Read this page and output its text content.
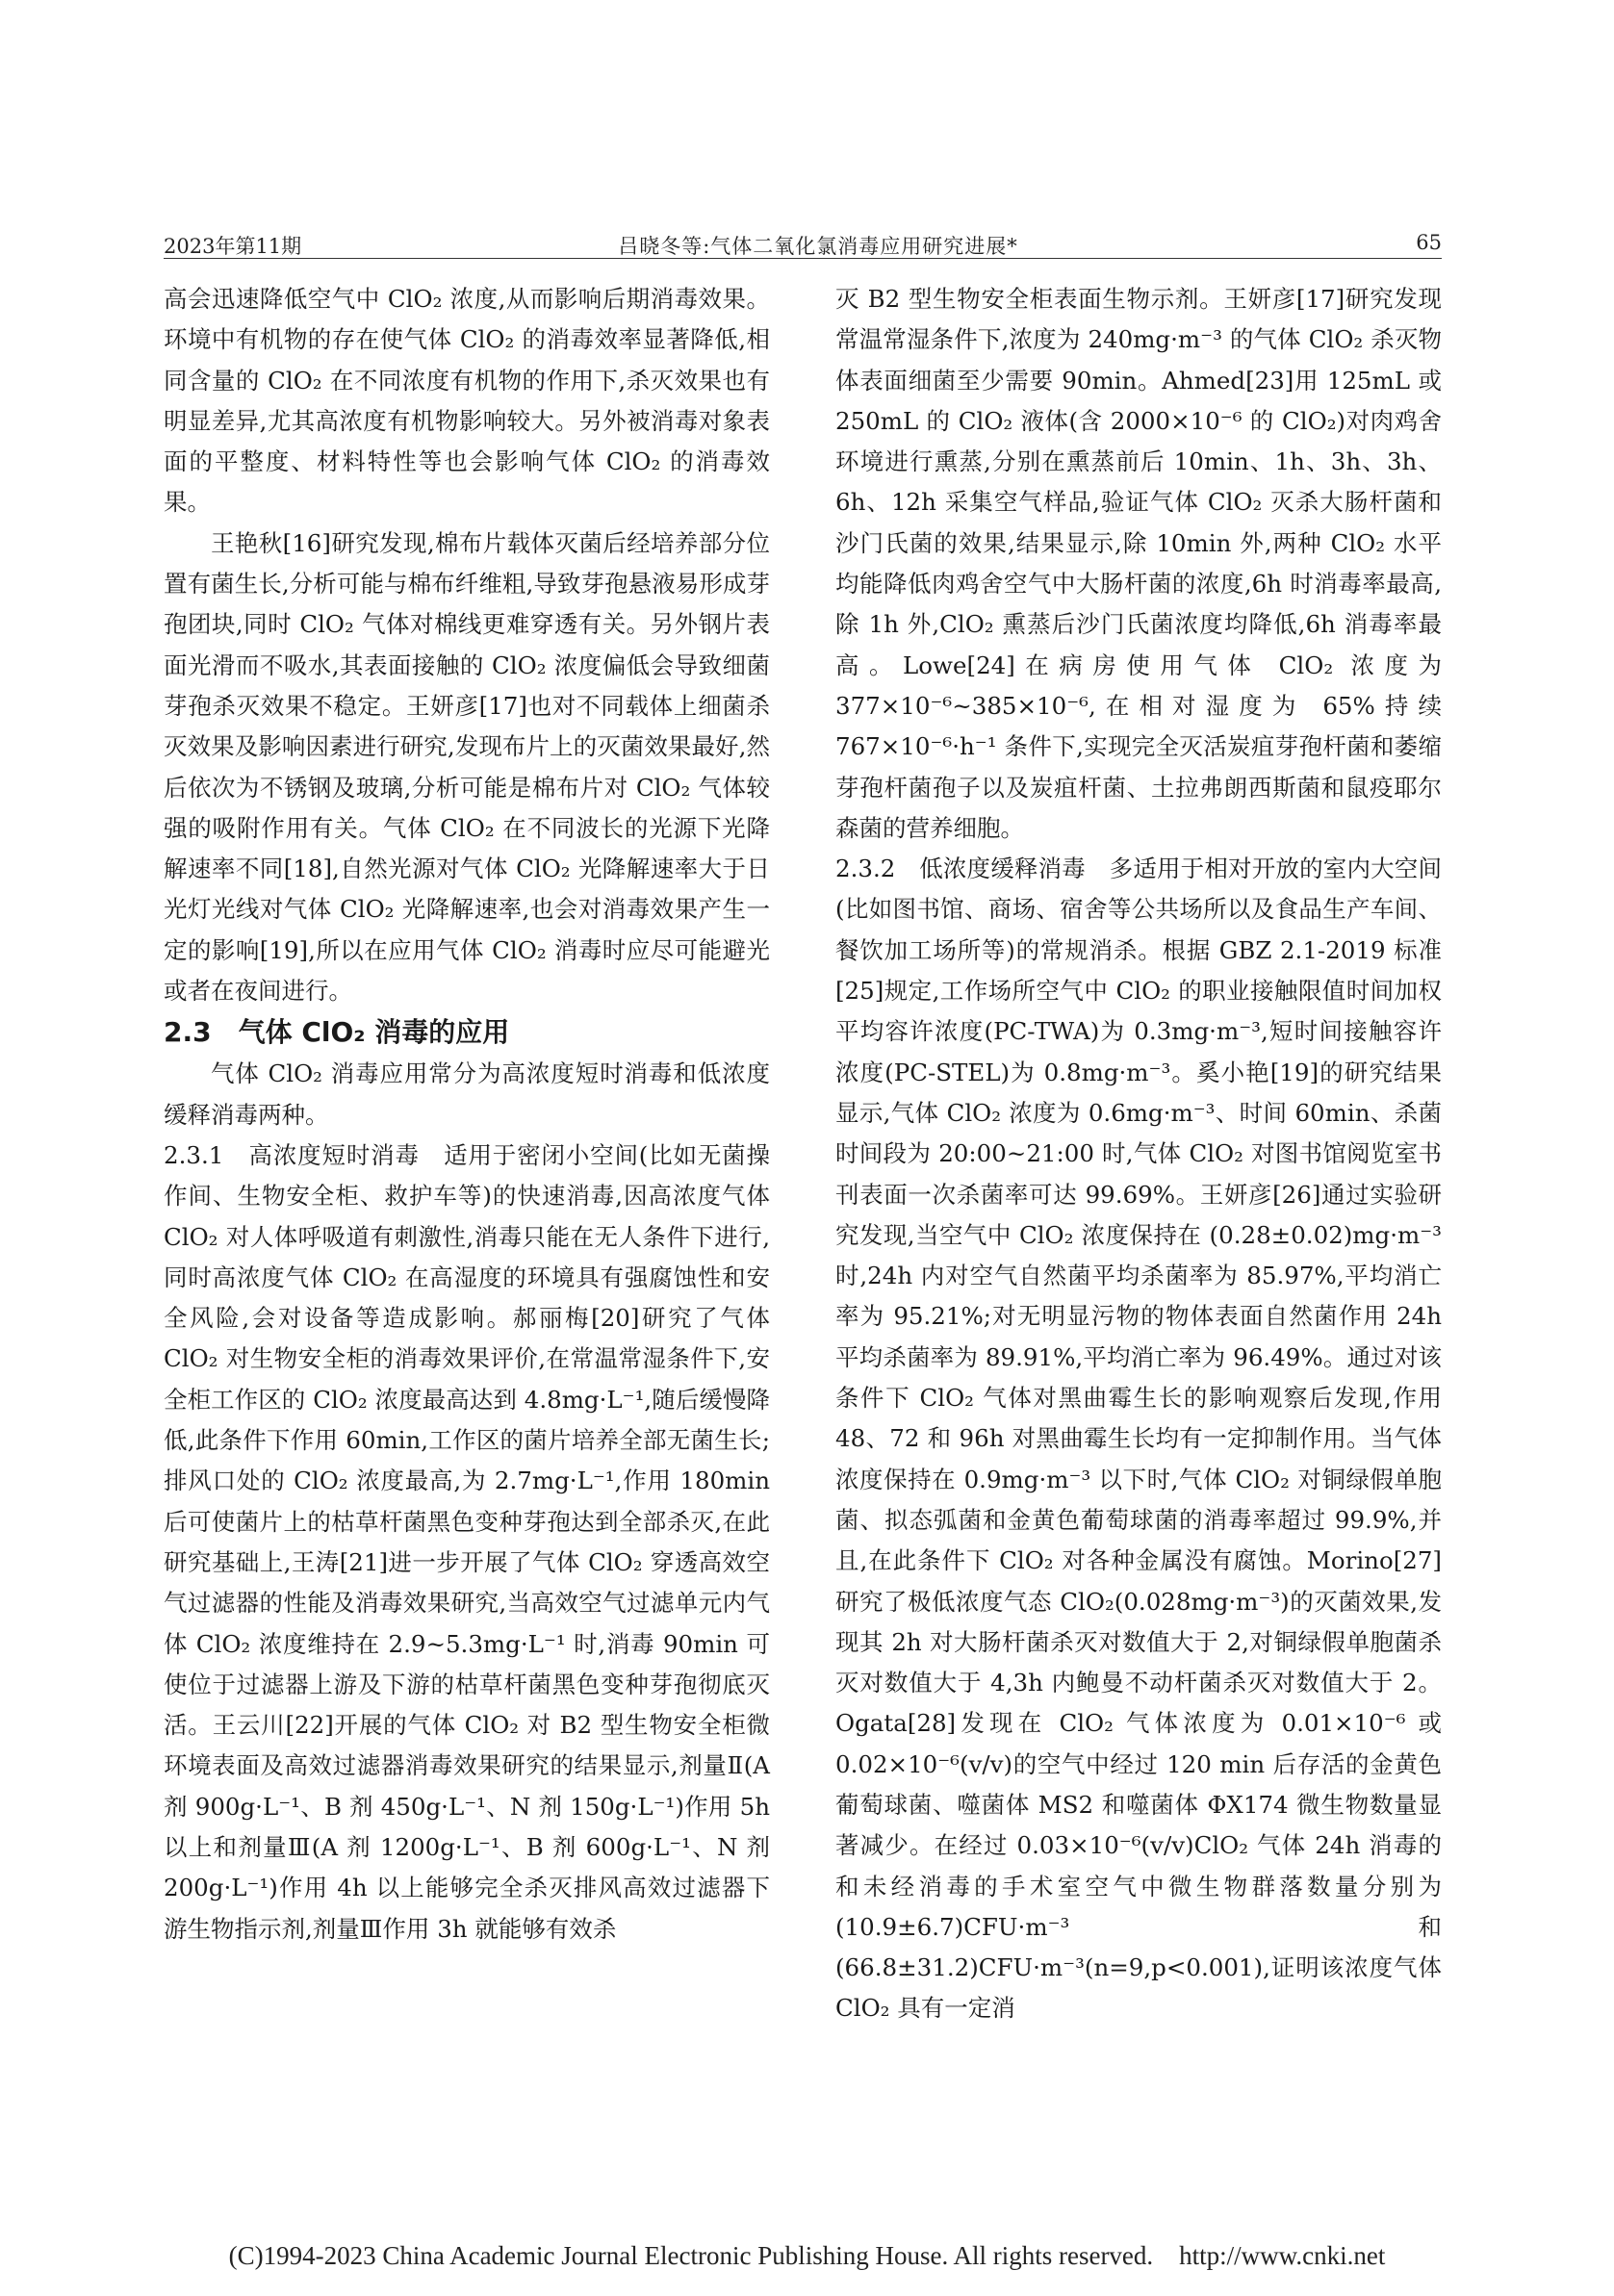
2023年第11期	吕晓冬等:气体二氧化氯消毒应用研究进展*	65

高会迅速降低空气中 ClO₂ 浓度,从而影响后期消毒效果。环境中有机物的存在使气体 ClO₂ 的消毒效率显著降低,相同含量的 ClO₂ 在不同浓度有机物的作用下,杀灭效果也有明显差异,尤其高浓度有机物影响较大。另外被消毒对象表面的平整度、材料特性等也会影响气体 ClO₂ 的消毒效果。

王艳秋[16]研究发现,棉布片载体灭菌后经培养部分位置有菌生长,分析可能与棉布纤维粗,导致芽孢悬液易形成芽孢团块,同时 ClO₂ 气体对棉线更难穿透有关。另外钢片表面光滑而不吸水,其表面接触的 ClO₂ 浓度偏低会导致细菌芽孢杀灭效果不稳定。王妍彦[17]也对不同载体上细菌杀灭效果及影响因素进行研究,发现布片上的灭菌效果最好,然后依次为不锈钢及玻璃,分析可能是棉布片对 ClO₂ 气体较强的吸附作用有关。气体 ClO₂ 在不同波长的光源下光降解速率不同[18],自然光源对气体 ClO₂ 光降解速率大于日光灯光线对气体 ClO₂ 光降解速率,也会对消毒效果产生一定的影响[19],所以在应用气体 ClO₂ 消毒时应尽可能避光或者在夜间进行。

2.3　气体 ClO₂ 消毒的应用

气体 ClO₂ 消毒应用常分为高浓度短时消毒和低浓度缓释消毒两种。

2.3.1　高浓度短时消毒　适用于密闭小空间(比如无菌操作间、生物安全柜、救护车等)的快速消毒,因高浓度气体 ClO₂ 对人体呼吸道有刺激性,消毒只能在无人条件下进行,同时高浓度气体 ClO₂ 在高湿度的环境具有强腐蚀性和安全风险,会对设备等造成影响。郝丽梅[20]研究了气体 ClO₂ 对生物安全柜的消毒效果评价,在常温常湿条件下,安全柜工作区的 ClO₂ 浓度最高达到 4.8mg·L⁻¹,随后缓慢降低,此条件下作用 60min,工作区的菌片培养全部无菌生长;排风口处的 ClO₂ 浓度最高,为 2.7mg·L⁻¹,作用 180min 后可使菌片上的枯草杆菌黑色变种芽孢达到全部杀灭,在此研究基础上,王涛[21]进一步开展了气体 ClO₂ 穿透高效空气过滤器的性能及消毒效果研究,当高效空气过滤单元内气体 ClO₂ 浓度维持在 2.9~5.3mg·L⁻¹ 时,消毒 90min 可使位于过滤器上游及下游的枯草杆菌黑色变种芽孢彻底灭活。王云川[22]开展的气体 ClO₂ 对 B2 型生物安全柜微环境表面及高效过滤器消毒效果研究的结果显示,剂量Ⅱ(A 剂 900g·L⁻¹、B 剂 450g·L⁻¹、N 剂 150g·L⁻¹)作用 5h 以上和剂量Ⅲ(A 剂 1200g·L⁻¹、B 剂 600g·L⁻¹、N 剂 200g·L⁻¹)作用 4h 以上能够完全杀灭排风高效过滤器下游生物指示剂,剂量Ⅲ作用 3h 就能够有效杀

灭 B2 型生物安全柜表面生物示剂。王妍彦[17]研究发现常温常湿条件下,浓度为 240mg·m⁻³ 的气体 ClO₂ 杀灭物体表面细菌至少需要 90min。Ahmed[23]用 125mL 或 250mL 的 ClO₂ 液体(含 2000×10⁻⁶ 的 ClO₂)对肉鸡舍环境进行熏蒸,分别在熏蒸前后 10min、1h、3h、3h、6h、12h 采集空气样品,验证气体 ClO₂ 灭杀大肠杆菌和沙门氏菌的效果,结果显示,除 10min 外,两种 ClO₂ 水平均能降低肉鸡舍空气中大肠杆菌的浓度,6h 时消毒率最高,除 1h 外,ClO₂ 熏蒸后沙门氏菌浓度均降低,6h 消毒率最高。Lowe[24]在病房使用气体 ClO₂ 浓度为 377×10⁻⁶~385×10⁻⁶,在相对湿度为 65%持续 767×10⁻⁶·h⁻¹ 条件下,实现完全灭活炭疽芽孢杆菌和萎缩芽孢杆菌孢子以及炭疽杆菌、土拉弗朗西斯菌和鼠疫耶尔森菌的营养细胞。

2.3.2　低浓度缓释消毒　多适用于相对开放的室内大空间(比如图书馆、商场、宿舍等公共场所以及食品生产车间、餐饮加工场所等)的常规消杀。根据 GBZ 2.1-2019 标准[25]规定,工作场所空气中 ClO₂ 的职业接触限值时间加权平均容许浓度(PC-TWA)为 0.3mg·m⁻³,短时间接触容许浓度(PC-STEL)为 0.8mg·m⁻³。奚小艳[19]的研究结果显示,气体 ClO₂ 浓度为 0.6mg·m⁻³、时间 60min、杀菌时间段为 20:00~21:00 时,气体 ClO₂ 对图书馆阅览室书刊表面一次杀菌率可达 99.69%。王妍彦[26]通过实验研究发现,当空气中 ClO₂ 浓度保持在 (0.28±0.02)mg·m⁻³ 时,24h 内对空气自然菌平均杀菌率为 85.97%,平均消亡率为 95.21%;对无明显污物的物体表面自然菌作用 24h 平均杀菌率为 89.91%,平均消亡率为 96.49%。通过对该条件下 ClO₂ 气体对黑曲霉生长的影响观察后发现,作用 48、72 和 96h 对黑曲霉生长均有一定抑制作用。当气体浓度保持在 0.9mg·m⁻³ 以下时,气体 ClO₂ 对铜绿假单胞菌、拟态弧菌和金黄色葡萄球菌的消毒率超过 99.9%,并且,在此条件下 ClO₂ 对各种金属没有腐蚀。Morino[27]研究了极低浓度气态 ClO₂(0.028mg·m⁻³)的灭菌效果,发现其 2h 对大肠杆菌杀灭对数值大于 2,对铜绿假单胞菌杀灭对数值大于 4,3h 内鲍曼不动杆菌杀灭对数值大于 2。Ogata[28]发现在 ClO₂ 气体浓度为 0.01×10⁻⁶ 或 0.02×10⁻⁶(v/v)的空气中经过 120 min 后存活的金黄色葡萄球菌、噬菌体 MS2 和噬菌体 ΦX174 微生物数量显著减少。在经过 0.03×10⁻⁶(v/v)ClO₂ 气体 24h 消毒的和未经消毒的手术室空气中微生物群落数量分别为(10.9±6.7)CFU·m⁻³ 和(66.8±31.2)CFU·m⁻³(n=9,p<0.001),证明该浓度气体 ClO₂ 具有一定消

(C)1994-2023 China Academic Journal Electronic Publishing House. All rights reserved.　http://www.cnki.net
